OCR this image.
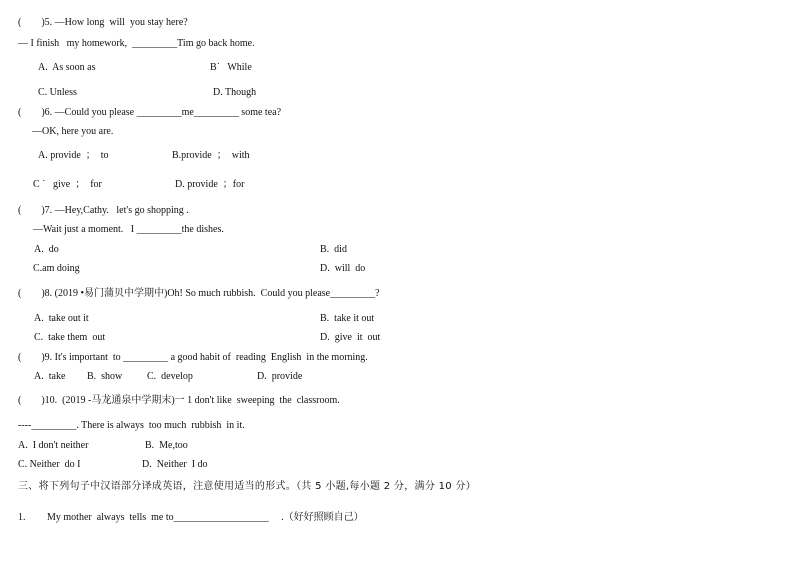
(        )5. —How long  will  you stay here?
— I finish   my homework,  _________Tim go back home.
A.  As soon as	B˙   While
C. Unless	D. Though
(        )6. —Could you please _________me_________ some tea?
—OK, here you are.
A. provide  ；  to	B.provide  ；  with
C ˙   give  ；  for	D. provide  ；for
(        )7. —Hey,Cathy.   let's go shopping .
—Wait just a moment.   I _________the dishes.
A.  do	B.  did
C.am doing	D.  will  do
(        )8. (2019 •易门蒲贝中学期中)Oh! So much rubbish.  Could you please_________?
A.  take out it	B.  take it out
C.  take them  out	D.  give  it  out
(        )9. It's important  to _________ a good habit of  reading  English  in the morning.
A.  take B.  show C.  develop	D.  provide
(        )10.  (2019 -马龙通泉中学期末)一 1 don't like  sweeping  the  classroom.
----_________. There is always  too much  rubbish  in it.
A.  I don't neither	B.  Me,too
C. Neither  do I	D.  Neither  I do
三、将下列句子中汉语部分译成英语，注意使用适当的形式。（共 5 小题,每小题 2 分，满分 10 分）
1. My mother  always  tells  me to___________________     .（好好照顾自己）
